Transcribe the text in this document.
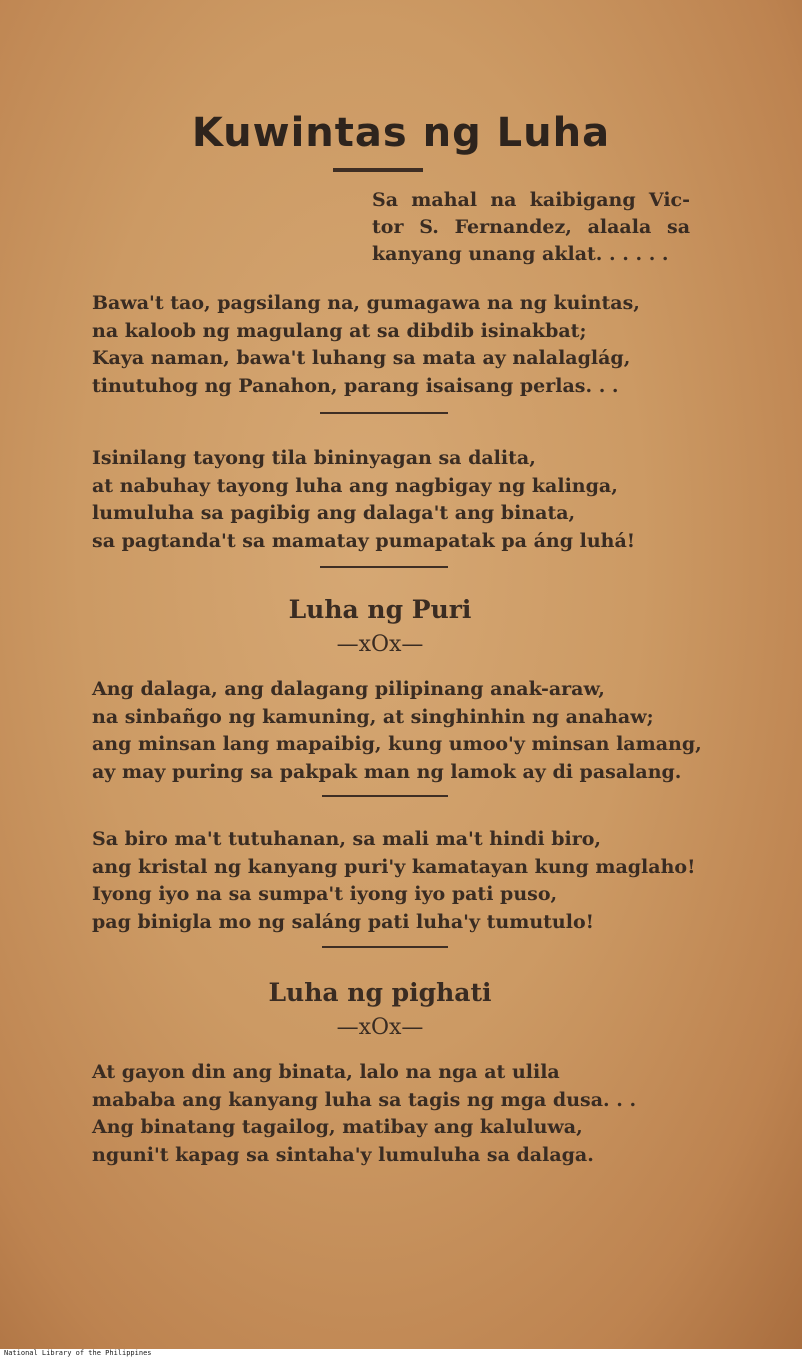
Kuwintas ng Luha
Sa mahal na kaibigang Vic-
tor S. Fernandez, alaala sa
kanyang unang aklat. . . . . .
Bawa't tao, pagsilang na, gumagawa na ng kuintas,
na kaloob ng magulang at sa dibdib isinakbat;
Kaya naman, bawa't luhang sa mata ay nalalaglág,
tinutuhog ng Panahon, parang isaisang perlas. . .
Isinilang tayong tila bininyagan sa dalita,
at nabuhay tayong luha ang nagbigay ng kalinga,
lumuluha sa pagibig ang dalaga't ang binata,
sa pagtanda't sa mamatay pumapatak pa áng luhá!
Luha ng Puri
—xOx—
Ang dalaga, ang dalagang pilipinang anak-araw,
na sinbañgo ng kamuning, at singhinhin ng anahaw;
ang minsan lang mapaibig, kung umoo'y minsan lamang,
ay may puring sa pakpak man ng lamok ay di pasalang.
Sa biro ma't tutuhanan, sa mali ma't hindi biro,
ang kristal ng kanyang puri'y kamatayan kung maglaho!
Iyong iyo na sa sumpa't iyong iyo pati puso,
pag binigla mo ng saláng pati luha'y tumutulo!
Luha ng pighati
—xOx—
At gayon din ang binata, lalo na nga at ulila
mababa ang kanyang luha sa tagis ng mga dusa. . .
Ang binatang tagailog, matibay ang kaluluwa,
nguni't kapag sa sintaha'y lumuluha sa dalaga.
National Library of the Philippines
